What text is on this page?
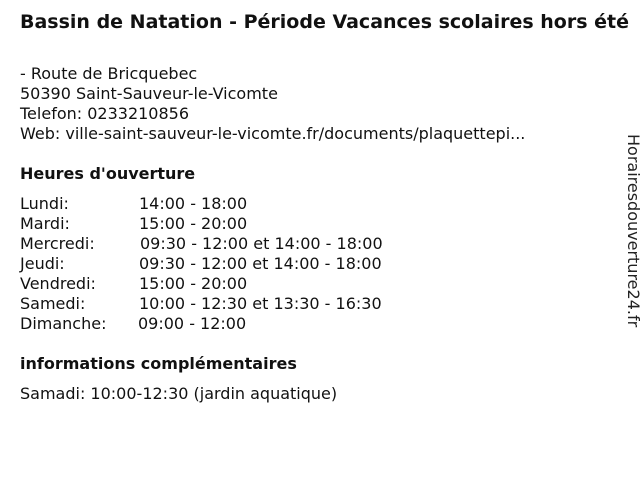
Bassin de Natation - Période Vacances scolaires hors été
- Route de Bricquebec
50390 Saint-Sauveur-le-Vicomte
Telefon: 0233210856
Web: ville-saint-sauveur-le-vicomte.fr/documents/plaquettepi...
Heures d'ouverture
Lundi:	14:00 - 18:00
Mardi:	15:00 - 20:00
Mercredi:	09:30 - 12:00 et 14:00 - 18:00
Jeudi:	09:30 - 12:00 et 14:00 - 18:00
Vendredi:	15:00 - 20:00
Samedi:	10:00 - 12:30 et 13:30 - 16:30
Dimanche:	09:00 - 12:00
informations complémentaires
Samadi: 10:00-12:30 (jardin aquatique)
Horairesdouverture24.fr
